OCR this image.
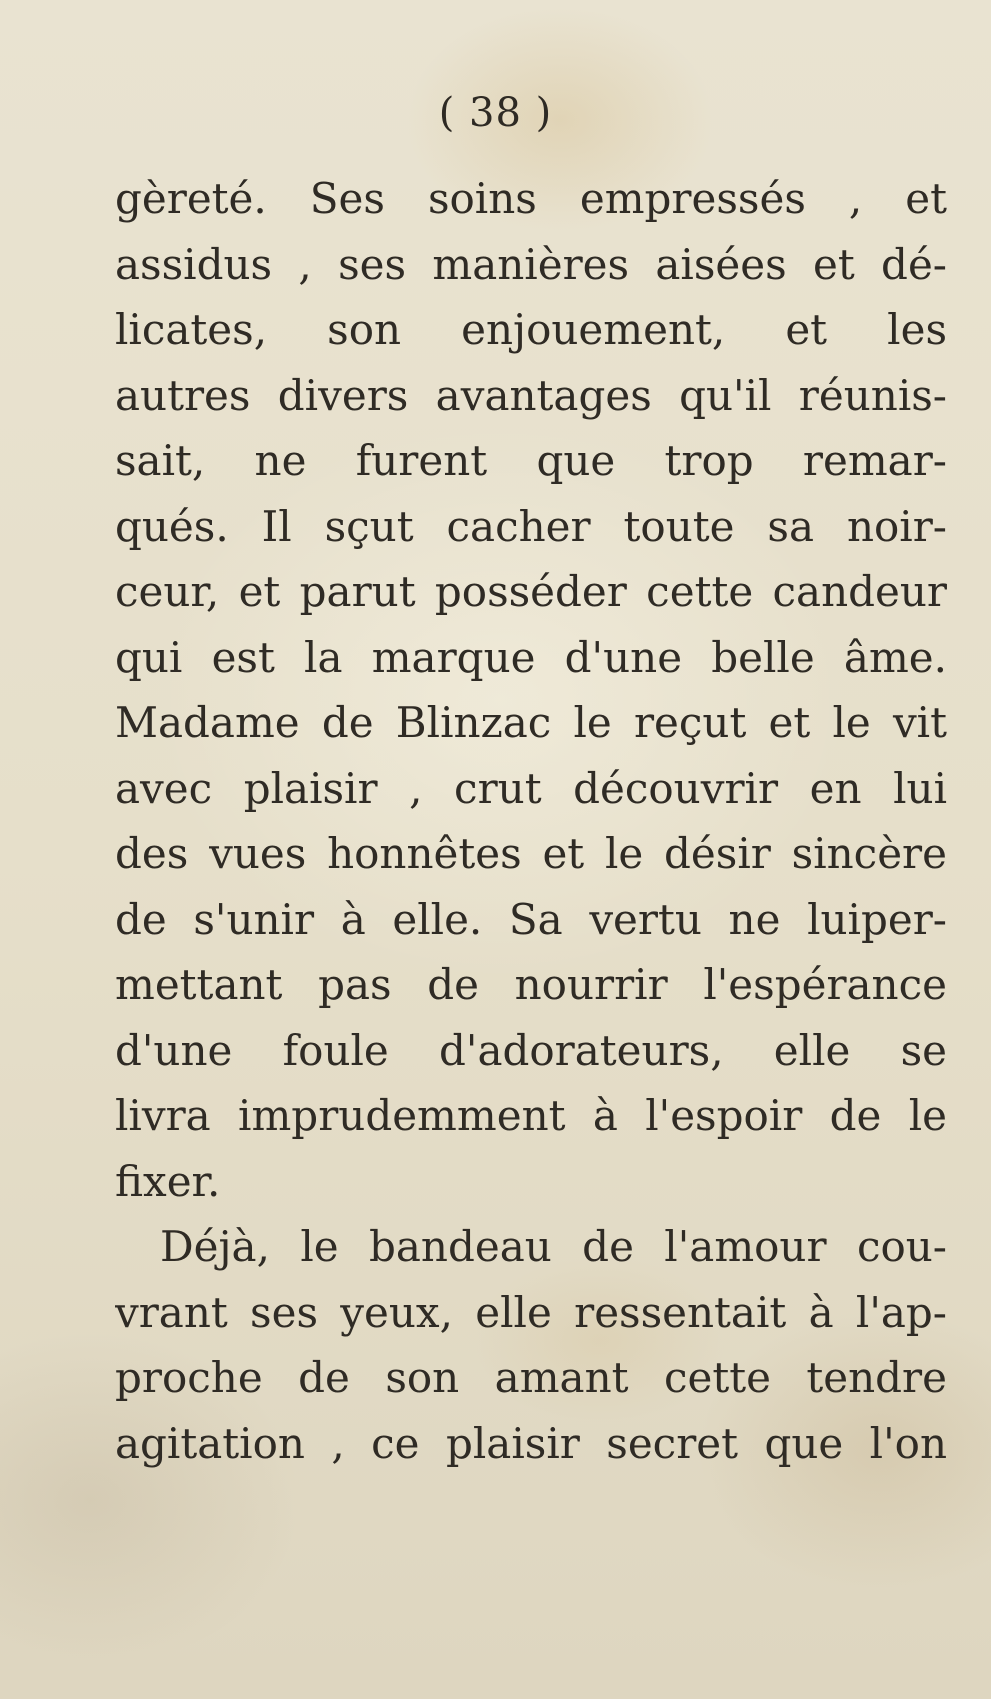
( 38 )
gèreté. Ses soins empressés , et
assidus , ses manières aisées et dé-
licates, son enjouement, et les
autres divers avantages qu'il réunis-
sait, ne furent que trop remar-
qués. Il sçut cacher toute sa noir-
ceur, et parut posséder cette candeur
qui est la marque d'une belle âme.
Madame de Blinzac le reçut et le vit
avec plaisir , crut découvrir en lui
des vues honnêtes et le désir sincère
de s'unir à elle. Sa vertu ne luiper-
mettant pas de nourrir l'espérance
d'une foule d'adorateurs, elle se
livra imprudemment à l'espoir de le
fixer.
Déjà, le bandeau de l'amour cou-
vrant ses yeux, elle ressentait à l'ap-
proche de son amant cette tendre
agitation , ce plaisir secret que l'on
